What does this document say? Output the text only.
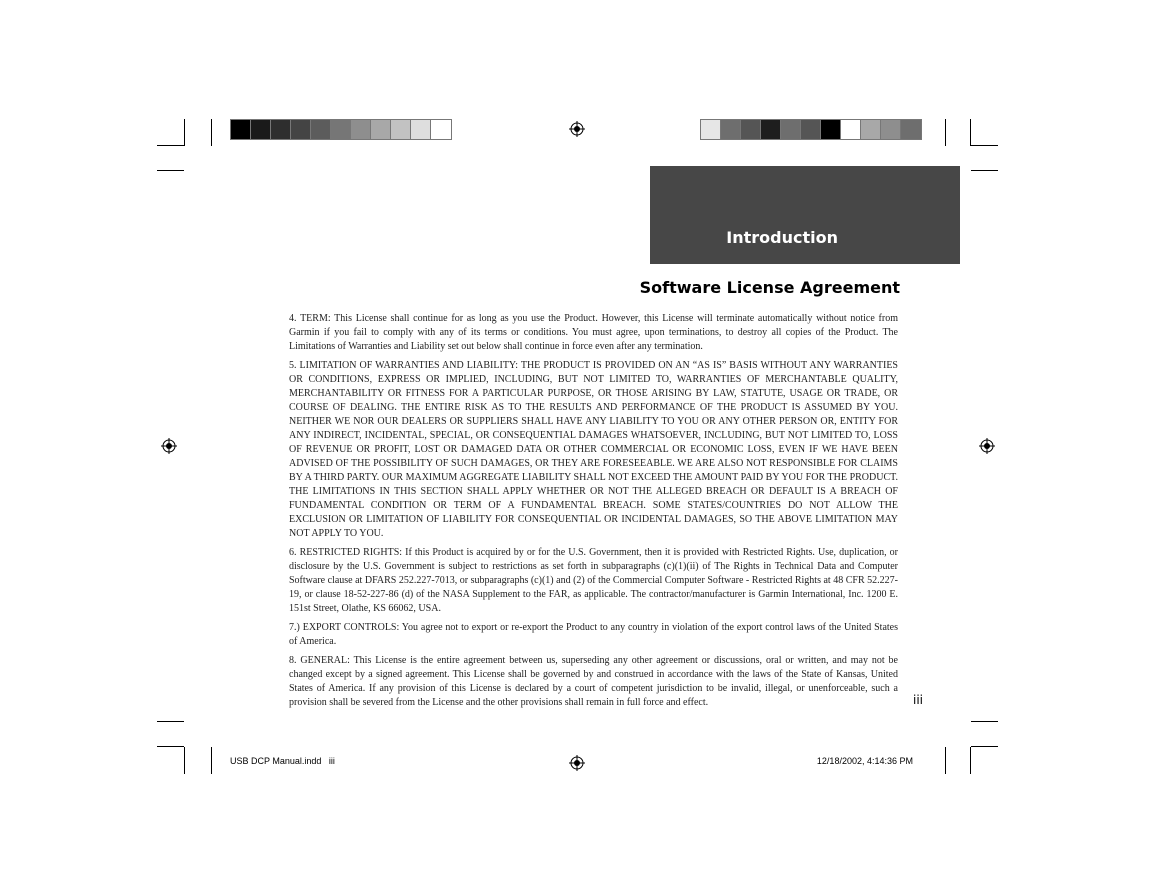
Introduction
Software License Agreement

4. TERM: This License shall continue for as long as you use the Product. However, this License will terminate automatically without notice from Garmin if you fail to comply with any of its terms or conditions. You must agree, upon terminations, to destroy all copies of the Product. The Limitations of Warranties and Liability set out below shall continue in force even after any termination.

5. LIMITATION OF WARRANTIES AND LIABILITY: THE PRODUCT IS PROVIDED ON AN “AS IS” BASIS WITHOUT ANY WARRANTIES OR CONDITIONS, EXPRESS OR IMPLIED, INCLUDING, BUT NOT LIMITED TO, WARRANTIES OF MERCHANTABLE QUALITY, MERCHANTABILITY OR FITNESS FOR A PARTICULAR PURPOSE, OR THOSE ARISING BY LAW, STATUTE, USAGE OR TRADE, OR COURSE OF DEALING. THE ENTIRE RISK AS TO THE RESULTS AND PERFORMANCE OF THE PRODUCT IS ASSUMED BY YOU. NEITHER WE NOR OUR DEALERS OR SUPPLIERS SHALL HAVE ANY LIABILITY TO YOU OR ANY OTHER PERSON OR, ENTITY FOR ANY INDIRECT, INCIDENTAL, SPECIAL, OR CONSEQUENTIAL DAMAGES WHATSOEVER, INCLUDING, BUT NOT LIMITED TO, LOSS OF REVENUE OR PROFIT, LOST OR DAMAGED DATA OR OTHER COMMERCIAL OR ECONOMIC LOSS, EVEN IF WE HAVE BEEN ADVISED OF THE POSSIBILITY OF SUCH DAMAGES, OR THEY ARE FORESEEABLE. WE ARE ALSO NOT RESPONSIBLE FOR CLAIMS BY A THIRD PARTY. OUR MAXIMUM AGGREGATE LIABILITY SHALL NOT EXCEED THE AMOUNT PAID BY YOU FOR THE PRODUCT. THE LIMITATIONS IN THIS SECTION SHALL APPLY WHETHER OR NOT THE ALLEGED BREACH OR DEFAULT IS A BREACH OF FUNDAMENTAL CONDITION OR TERM OF A FUNDAMENTAL BREACH. SOME STATES/COUNTRIES DO NOT ALLOW THE EXCLUSION OR LIMITATION OF LIABILITY FOR CONSEQUENTIAL OR INCIDENTAL DAMAGES, SO THE ABOVE LIMITATION MAY NOT APPLY TO YOU.

6. RESTRICTED RIGHTS: If this Product is acquired by or for the U.S. Government, then it is provided with Restricted Rights. Use, duplication, or disclosure by the U.S. Government is subject to restrictions as set forth in subparagraphs (c)(1)(ii) of The Rights in Technical Data and Computer Software clause at DFARS 252.227-7013, or subparagraphs (c)(1) and (2) of the Commercial Computer Software - Restricted Rights at 48 CFR 52.227-19, or clause 18-52-227-86 (d) of the NASA Supplement to the FAR, as applicable. The contractor/manufacturer is Garmin International, Inc. 1200 E. 151st Street, Olathe, KS 66062, USA.

7.) EXPORT CONTROLS: You agree not to export or re-export the Product to any country in violation of the export control laws of the United States of America.

8. GENERAL: This License is the entire agreement between us, superseding any other agreement or discussions, oral or written, and may not be changed except by a signed agreement. This License shall be governed by and construed in accordance with the laws of the State of Kansas, United States of America. If any provision of this License is declared by a court of competent jurisdiction to be invalid, illegal, or unenforceable, such a provision shall be severed from the License and the other provisions shall remain in full force and effect.	iii
USB DCP Manual.indd   iii	12/18/2002, 4:14:36 PM
